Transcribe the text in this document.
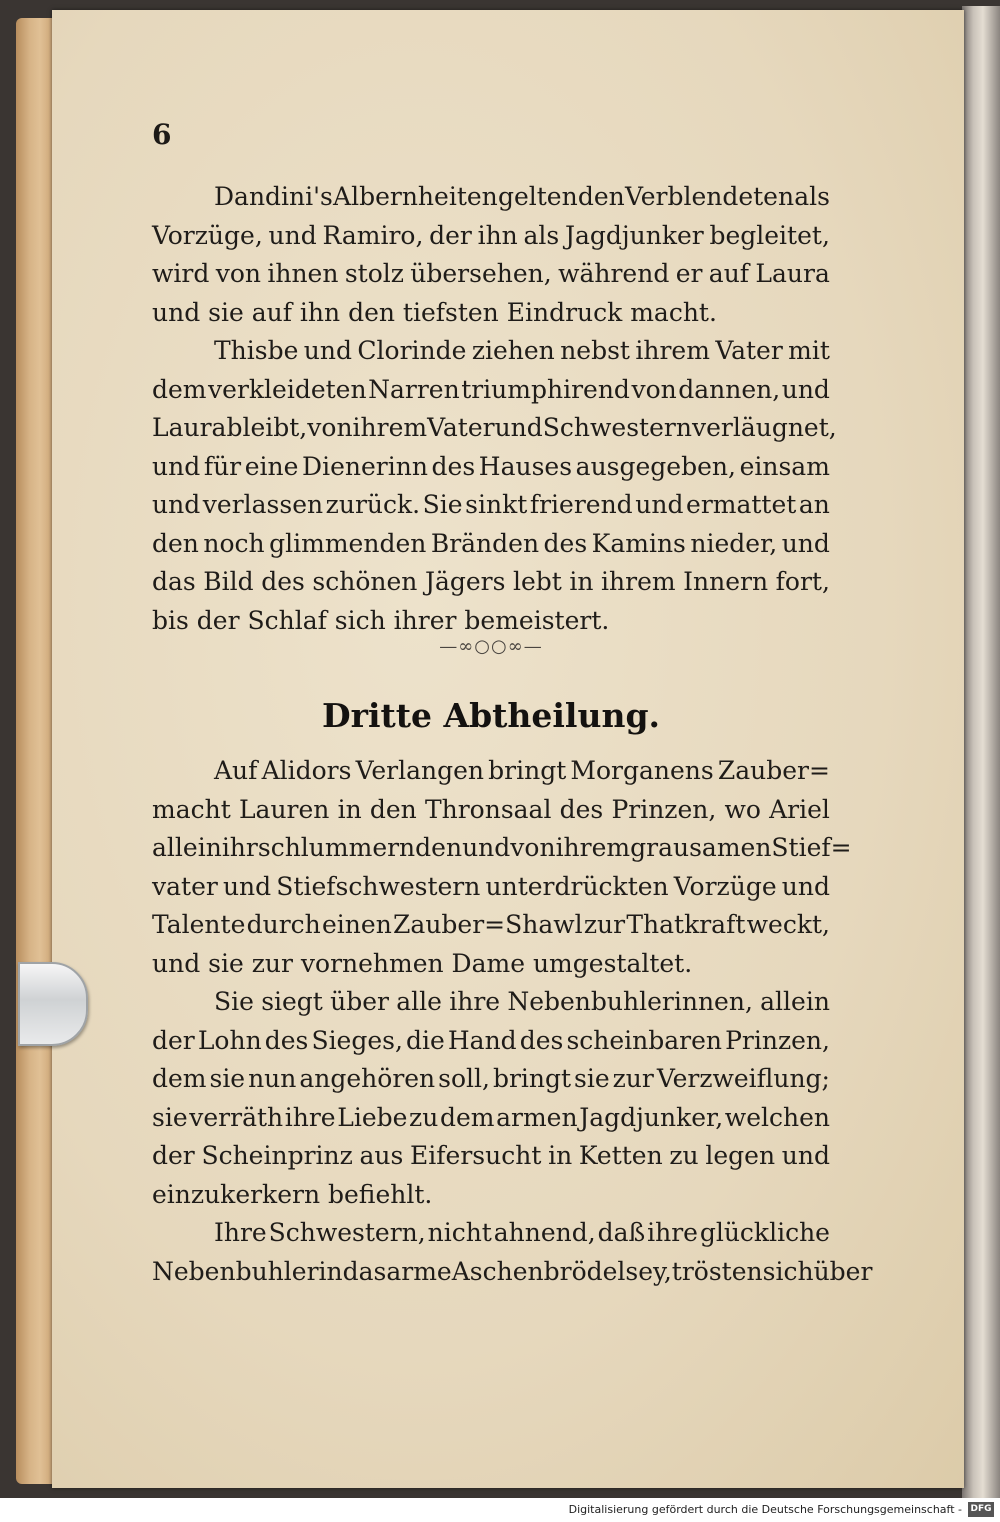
6
Dandini's Albernheiten gelten den Verblendeten als
Vorzüge, und Ramiro, der ihn als Jagdjunker begleitet,
wird von ihnen stolz übersehen, während er auf Laura
und sie auf ihn den tiefsten Eindruck macht.
Thisbe und Clorinde ziehen nebst ihrem Vater mit
dem verkleideten Narren triumphirend von dannen, und
Laura bleibt, von ihrem Vater und Schwestern verläugnet,
und für eine Dienerinn des Hauses ausgegeben, einsam
und verlassen zurück. Sie sinkt frierend und ermattet an
den noch glimmenden Bränden des Kamins nieder, und
das Bild des schönen Jägers lebt in ihrem Innern fort,
bis der Schlaf sich ihrer bemeistert.
—∞○○∞—
Dritte Abtheilung.
Auf Alidors Verlangen bringt Morganens Zauber=
macht Lauren in den Thronsaal des Prinzen, wo Ariel
alle in ihr schlummernden und von ihrem grausamen Stief=
vater und Stiefschwestern unterdrückten Vorzüge und
Talente durch einen Zauber=Shawl zur Thatkraft weckt,
und sie zur vornehmen Dame umgestaltet.
Sie siegt über alle ihre Nebenbuhlerinnen, allein
der Lohn des Sieges, die Hand des scheinbaren Prinzen,
dem sie nun angehören soll, bringt sie zur Verzweiflung;
sie verräth ihre Liebe zu dem armen Jagdjunker, welchen
der Scheinprinz aus Eifersucht in Ketten zu legen und
einzukerkern befiehlt.
Ihre Schwestern, nicht ahnend, daß ihre glückliche
Nebenbuhlerin das arme Aschenbrödel sey, trösten sich über
Digitalisierung gefördert durch die Deutsche Forschungsgemeinschaft - DFG
